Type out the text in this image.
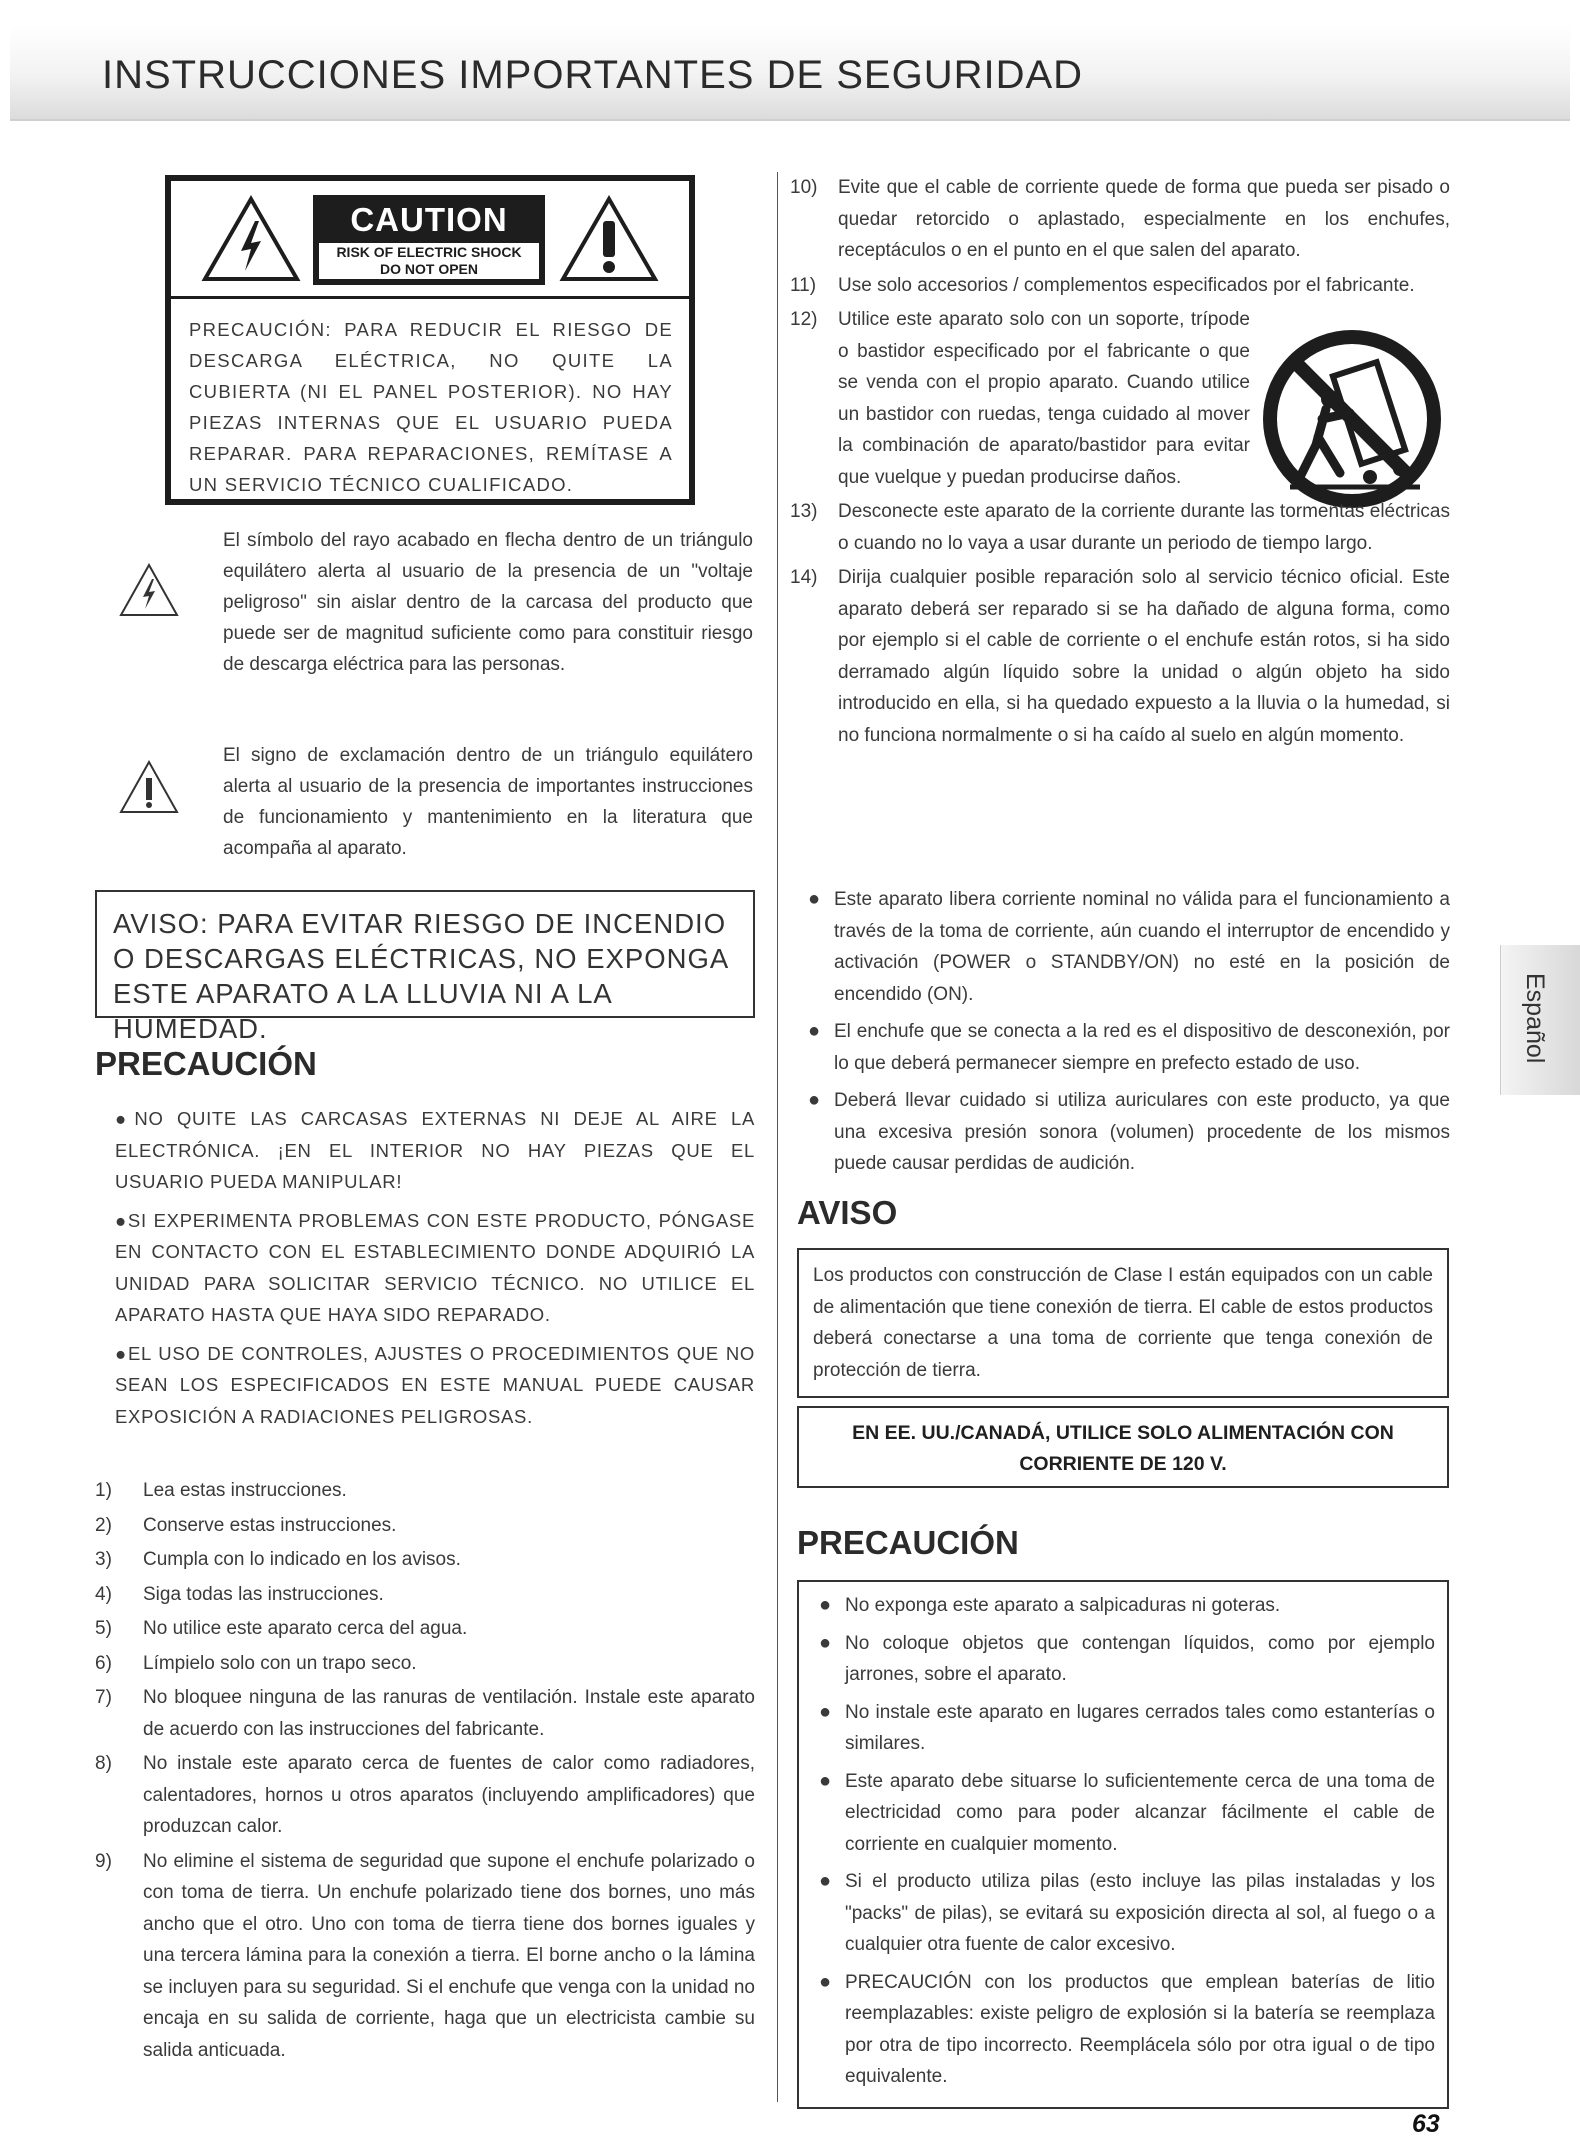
INSTRUCCIONES IMPORTANTES DE SEGURIDAD
CAUTION
RISK OF ELECTRIC SHOCK
DO NOT OPEN

PRECAUCIÓN: PARA REDUCIR EL RIESGO DE DESCARGA ELÉCTRICA, NO QUITE LA CUBIERTA (NI EL PANEL POSTERIOR). NO HAY PIEZAS INTERNAS QUE EL USUARIO PUEDA REPARAR. PARA REPARACIONES, REMÍTASE A UN SERVICIO TÉCNICO CUALIFICADO.

El símbolo del rayo acabado en flecha dentro de un triángulo equilátero alerta al usuario de la presencia de un "voltaje peligroso" sin aislar dentro de la carcasa del producto que puede ser de magnitud suficiente como para constituir riesgo de descarga eléctrica para las personas.

El signo de exclamación dentro de un triángulo equilátero alerta al usuario de la presencia de importantes instrucciones de funcionamiento y mantenimiento en la literatura que acompaña al aparato.

AVISO: PARA EVITAR RIESGO DE INCENDIO O DESCARGAS ELÉCTRICAS, NO EXPONGA ESTE APARATO A LA LLUVIA NI A LA HUMEDAD.

PRECAUCIÓN
●NO QUITE LAS CARCASAS EXTERNAS NI DEJE AL AIRE LA ELECTRÓNICA. ¡EN EL INTERIOR NO HAY PIEZAS QUE EL USUARIO PUEDA MANIPULAR!
●SI EXPERIMENTA PROBLEMAS CON ESTE PRODUCTO, PÓNGASE EN CONTACTO CON EL ESTABLECIMIENTO DONDE ADQUIRIÓ LA UNIDAD PARA SOLICITAR SERVICIO TÉCNICO. NO UTILICE EL APARATO HASTA QUE HAYA SIDO REPARADO.
●EL USO DE CONTROLES, AJUSTES O PROCEDIMIENTOS QUE NO SEAN LOS ESPECIFICADOS EN ESTE MANUAL PUEDE CAUSAR EXPOSICIÓN A RADIACIONES PELIGROSAS.
1) Lea estas instrucciones.
2) Conserve estas instrucciones.
3) Cumpla con lo indicado en los avisos.
4) Siga todas las instrucciones.
5) No utilice este aparato cerca del agua.
6) Límpielo solo con un trapo seco.
7) No bloquee ninguna de las ranuras de ventilación. Instale este aparato de acuerdo con las instrucciones del fabricante.
8) No instale este aparato cerca de fuentes de calor como radiadores, calentadores, hornos u otros aparatos (incluyendo amplificadores) que produzcan calor.
9) No elimine el sistema de seguridad que supone el enchufe polarizado o con toma de tierra. Un enchufe polarizado tiene dos bornes, uno más ancho que el otro. Uno con toma de tierra tiene dos bornes iguales y una tercera lámina para la conexión a tierra. El borne ancho o la lámina se incluyen para su seguridad. Si el enchufe que venga con la unidad no encaja en su salida de corriente, haga que un electricista cambie su salida anticuada.
10) Evite que el cable de corriente quede de forma que pueda ser pisado o quedar retorcido o aplastado, especialmente en los enchufes, receptáculos o en el punto en el que salen del aparato.
11) Use solo accesorios / complementos especificados por el fabricante.
12) Utilice este aparato solo con un soporte, trípode o bastidor especificado por el fabricante o que se venda con el propio aparato. Cuando utilice un bastidor con ruedas, tenga cuidado al mover la combinación de aparato/bastidor para evitar que vuelque y puedan producirse daños.
13) Desconecte este aparato de la corriente durante las tormentas eléctricas o cuando no lo vaya a usar durante un periodo de tiempo largo.
14) Dirija cualquier posible reparación solo al servicio técnico oficial. Este aparato deberá ser reparado si se ha dañado de alguna forma, como por ejemplo si el cable de corriente o el enchufe están rotos, si ha sido derramado algún líquido sobre la unidad o algún objeto ha sido introducido en ella, si ha quedado expuesto a la lluvia o la humedad, si no funciona normalmente o si ha caído al suelo en algún momento.
● Este aparato libera corriente nominal no válida para el funcionamiento a través de la toma de corriente, aún cuando el interruptor de encendido y activación (POWER o STANDBY/ON) no esté en la posición de encendido (ON).
● El enchufe que se conecta a la red es el dispositivo de desconexión, por lo que deberá permanecer siempre en prefecto estado de uso.
● Deberá llevar cuidado si utiliza auriculares con este producto, ya que una excesiva presión sonora (volumen) procedente de los mismos puede causar perdidas de audición.
AVISO

Los productos con construcción de Clase I están equipados con un cable de alimentación que tiene conexión de tierra. El cable de estos productos deberá conectarse a una toma de corriente que tenga conexión de protección de tierra.

EN EE. UU./CANADÁ, UTILICE SOLO ALIMENTACIÓN CON

CORRIENTE DE 120 V.

PRECAUCIÓN
● No exponga este aparato a salpicaduras ni goteras.
● No coloque objetos que contengan líquidos, como por ejemplo jarrones, sobre el aparato.
● No instale este aparato en lugares cerrados tales como estanterías o similares.
● Este aparato debe situarse lo suficientemente cerca de una toma de electricidad como para poder alcanzar fácilmente el cable de corriente en cualquier momento.
● Si el producto utiliza pilas (esto incluye las pilas instaladas y los "packs" de pilas), se evitará su exposición directa al sol, al fuego o a cualquier otra fuente de calor excesivo.
● PRECAUCIÓN con los productos que emplean baterías de litio reemplazables: existe peligro de explosión si la batería se reemplaza por otra de tipo incorrecto. Reemplácela sólo por otra igual o de tipo equivalente.
Español
63
